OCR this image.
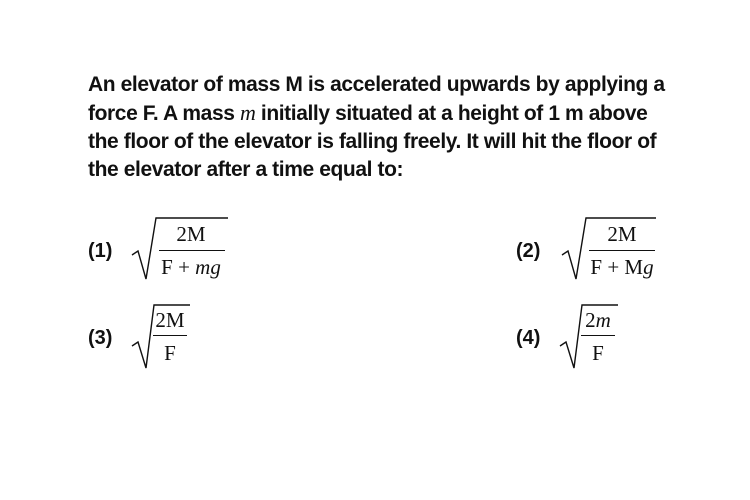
An elevator of mass M is accelerated upwards by applying a force F. A mass m initially situated at a height of 1 m above the floor of the elevator is falling freely. It will hit the floor of the elevator after a time equal to:

(1)
2M
F + mg
(2)
2M
F + Mg
(3)
2M
F
(4)
2m
F
